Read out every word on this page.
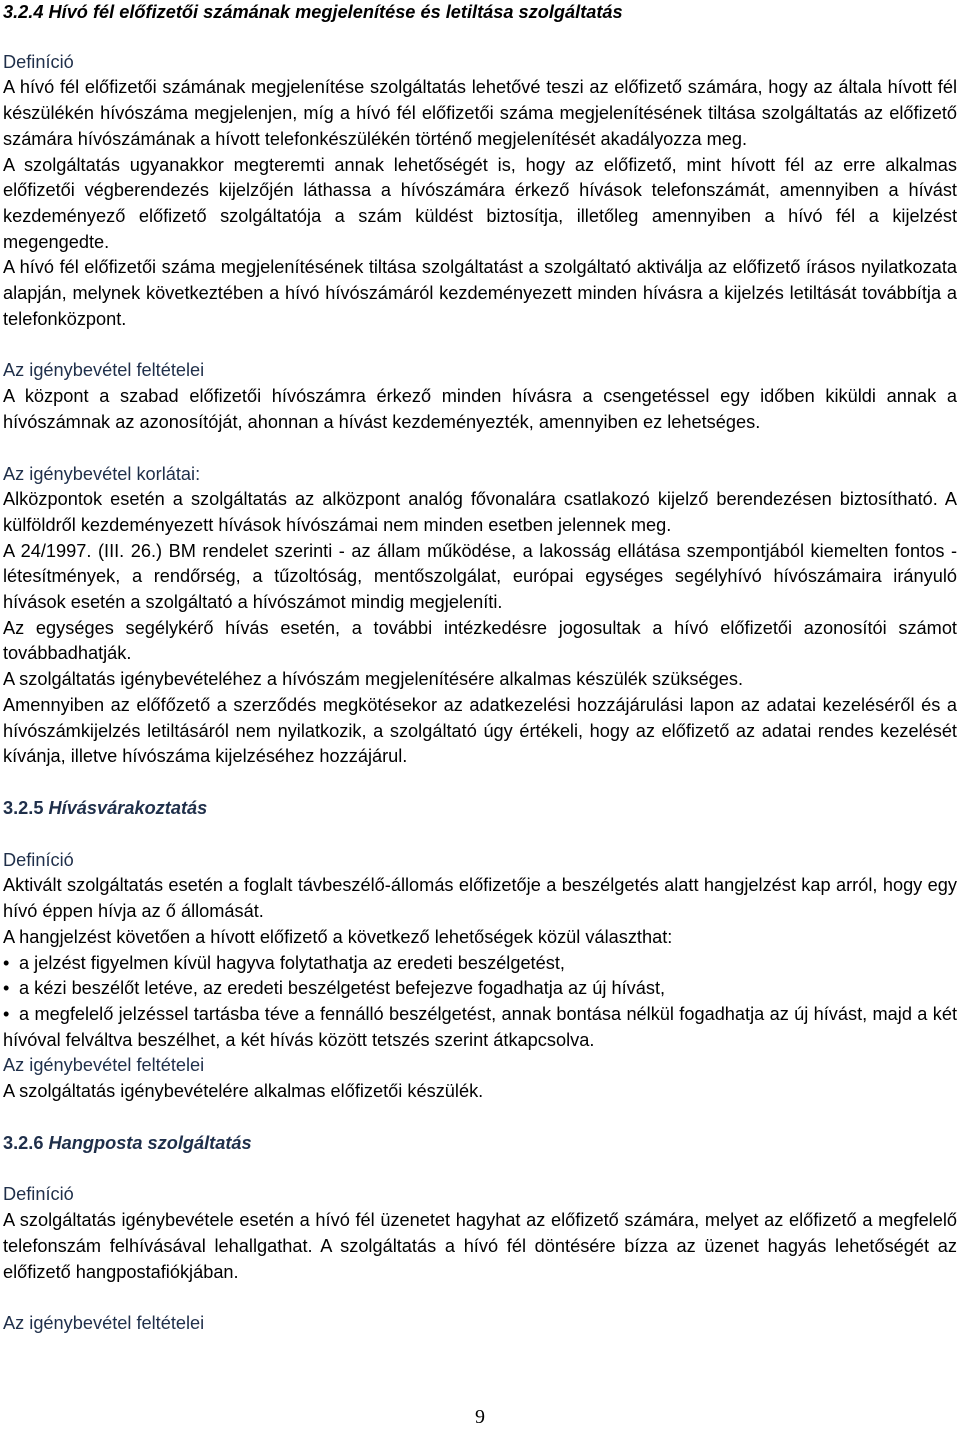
3.2.4 Hívó fél előfizetői számának megjelenítése és letiltása szolgáltatás

Definíció

A hívó fél előfizetői számának megjelenítése szolgáltatás lehetővé teszi az előfizető számára, hogy az általa hívott fél készülékén hívószáma megjelenjen, míg a hívó fél előfizetői száma megjelenítésének tiltása szolgáltatás az előfizető számára hívószámának a hívott telefonkészülékén történő megjelenítését akadályozza meg.

A szolgáltatás ugyanakkor megteremti annak lehetőségét is, hogy az előfizető, mint hívott fél az erre alkalmas előfizetői végberendezés kijelzőjén láthassa a hívószámára érkező hívások telefonszámát, amennyiben a hívást kezdeményező előfizető szolgáltatója a szám küldést biztosítja, illetőleg amennyiben a hívó fél a kijelzést megengedte.

A hívó fél előfizetői száma megjelenítésének tiltása szolgáltatást a szolgáltató aktiválja az előfizető írásos nyilatkozata alapján, melynek következtében a hívó hívószámáról kezdeményezett minden hívásra a kijelzés letiltását továbbítja a telefonközpont.

Az igénybevétel feltételei

A központ a szabad előfizetői hívószámra érkező minden hívásra a csengetéssel egy időben kiküldi annak a hívószámnak az azonosítóját, ahonnan a hívást kezdeményezték, amennyiben ez lehetséges.

Az igénybevétel korlátai:

Alközpontok esetén a szolgáltatás az alközpont analóg fővonalára csatlakozó kijelző berendezésen biztosítható. A külföldről kezdeményezett hívások hívószámai nem minden esetben jelennek meg.

A 24/1997. (III. 26.) BM rendelet szerinti - az állam működése, a lakosság ellátása szempontjából kiemelten fontos - létesítmények, a rendőrség, a tűzoltóság, mentőszolgálat, európai egységes segélyhívó hívószámaira irányuló hívások esetén a szolgáltató a hívószámot mindig megjeleníti.

Az egységes segélykérő hívás esetén, a további intézkedésre jogosultak a hívó előfizetői azonosítói számot továbbadhatják.

A szolgáltatás igénybevételéhez a hívószám megjelenítésére alkalmas készülék szükséges.

Amennyiben az előfőzető a szerződés megkötésekor az adatkezelési hozzájárulási lapon az adatai kezeléséről és a hívószámkijelzés letiltásáról nem nyilatkozik, a szolgáltató úgy értékeli, hogy az előfizető az adatai rendes kezelését kívánja, illetve hívószáma kijelzéséhez hozzájárul.

3.2.5 Hívásvárakoztatás

Definíció

Aktivált szolgáltatás esetén a foglalt távbeszélő-állomás előfizetője a beszélgetés alatt hangjelzést kap arról, hogy egy hívó éppen hívja az ő állomását.

A hangjelzést követően a hívott előfizető a következő lehetőségek közül választhat:

• a jelzést figyelmen kívül hagyva folytathatja az eredeti beszélgetést,

• a kézi beszélőt letéve, az eredeti beszélgetést befejezve fogadhatja az új hívást,

• a megfelelő jelzéssel tartásba téve a fennálló beszélgetést, annak bontása nélkül fogadhatja az új hívást, majd a két hívóval felváltva beszélhet, a két hívás között tetszés szerint átkapcsolva.

Az igénybevétel feltételei

A szolgáltatás igénybevételére alkalmas előfizetői készülék.

3.2.6 Hangposta szolgáltatás

Definíció

A szolgáltatás igénybevétele esetén a hívó fél üzenetet hagyhat az előfizető számára, melyet az előfizető a megfelelő telefonszám felhívásával lehallgathat. A szolgáltatás a hívó fél döntésére bízza az üzenet hagyás lehetőségét az előfizető hangpostafiókjában.

Az igénybevétel feltételei

9
